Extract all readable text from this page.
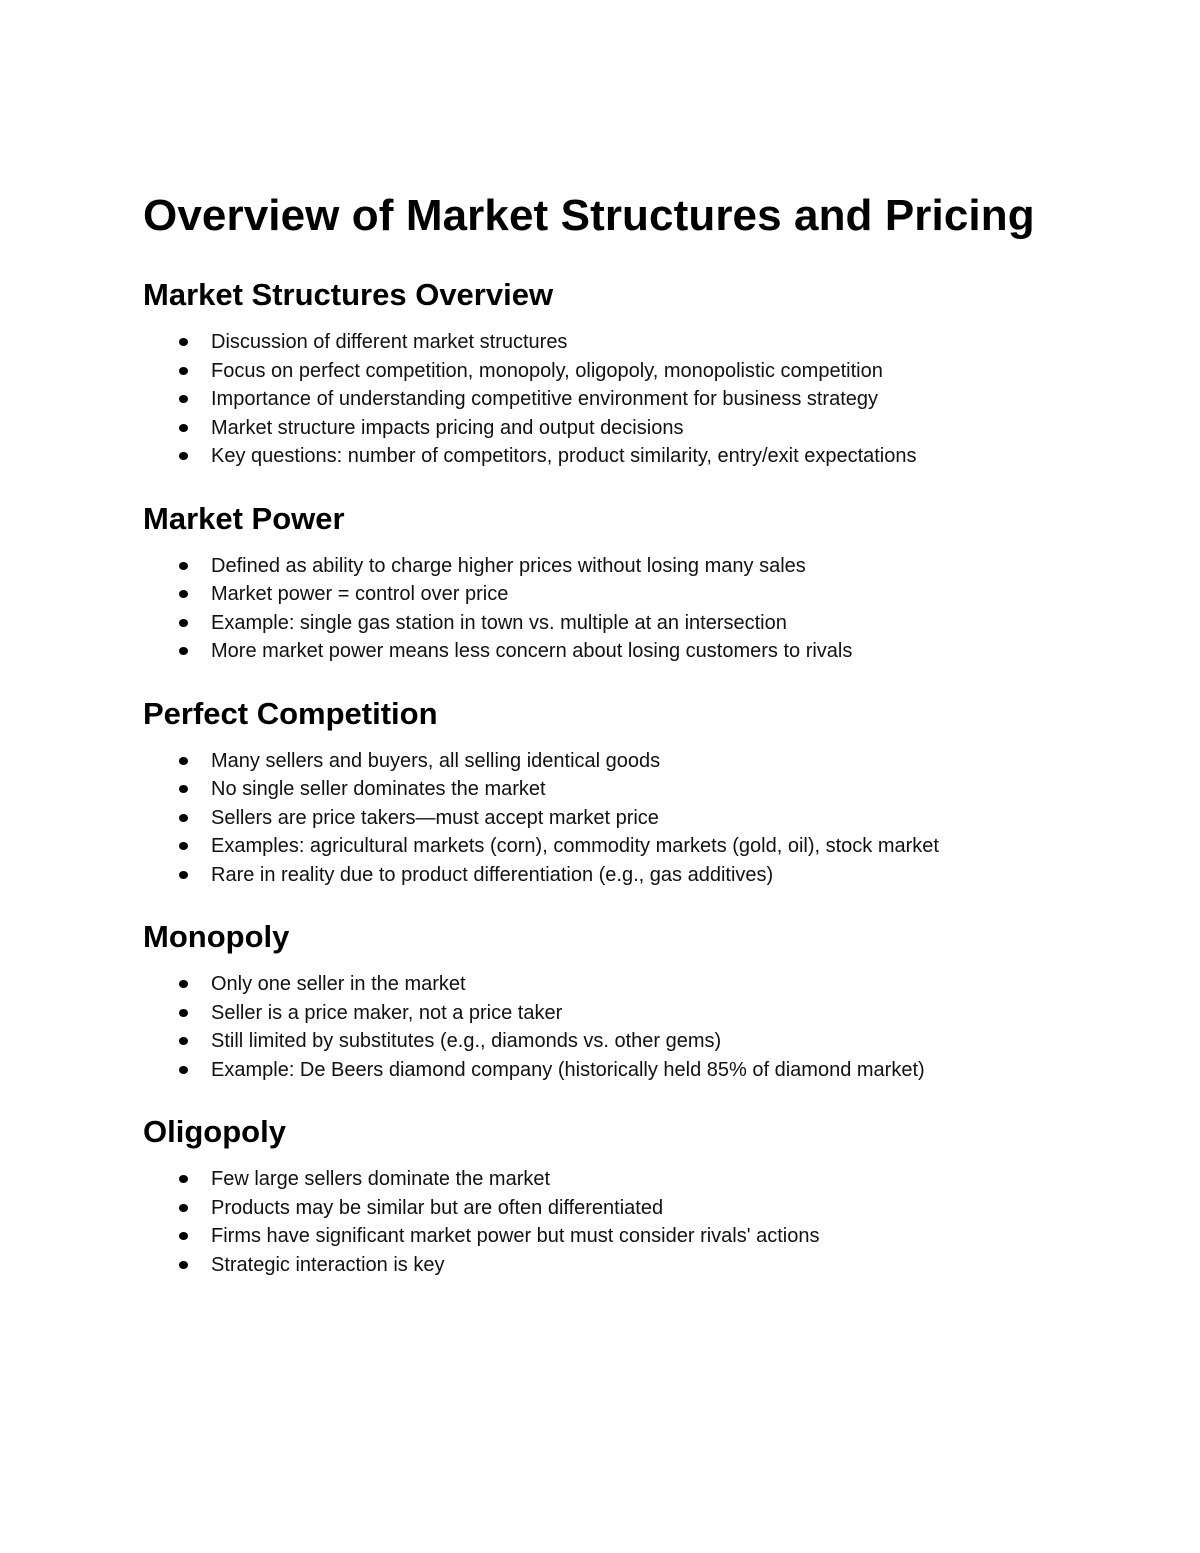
Overview of Market Structures and Pricing
Market Structures Overview
Discussion of different market structures
Focus on perfect competition, monopoly, oligopoly, monopolistic competition
Importance of understanding competitive environment for business strategy
Market structure impacts pricing and output decisions
Key questions: number of competitors, product similarity, entry/exit expectations
Market Power
Defined as ability to charge higher prices without losing many sales
Market power = control over price
Example: single gas station in town vs. multiple at an intersection
More market power means less concern about losing customers to rivals
Perfect Competition
Many sellers and buyers, all selling identical goods
No single seller dominates the market
Sellers are price takers—must accept market price
Examples: agricultural markets (corn), commodity markets (gold, oil), stock market
Rare in reality due to product differentiation (e.g., gas additives)
Monopoly
Only one seller in the market
Seller is a price maker, not a price taker
Still limited by substitutes (e.g., diamonds vs. other gems)
Example: De Beers diamond company (historically held 85% of diamond market)
Oligopoly
Few large sellers dominate the market
Products may be similar but are often differentiated
Firms have significant market power but must consider rivals' actions
Strategic interaction is key
